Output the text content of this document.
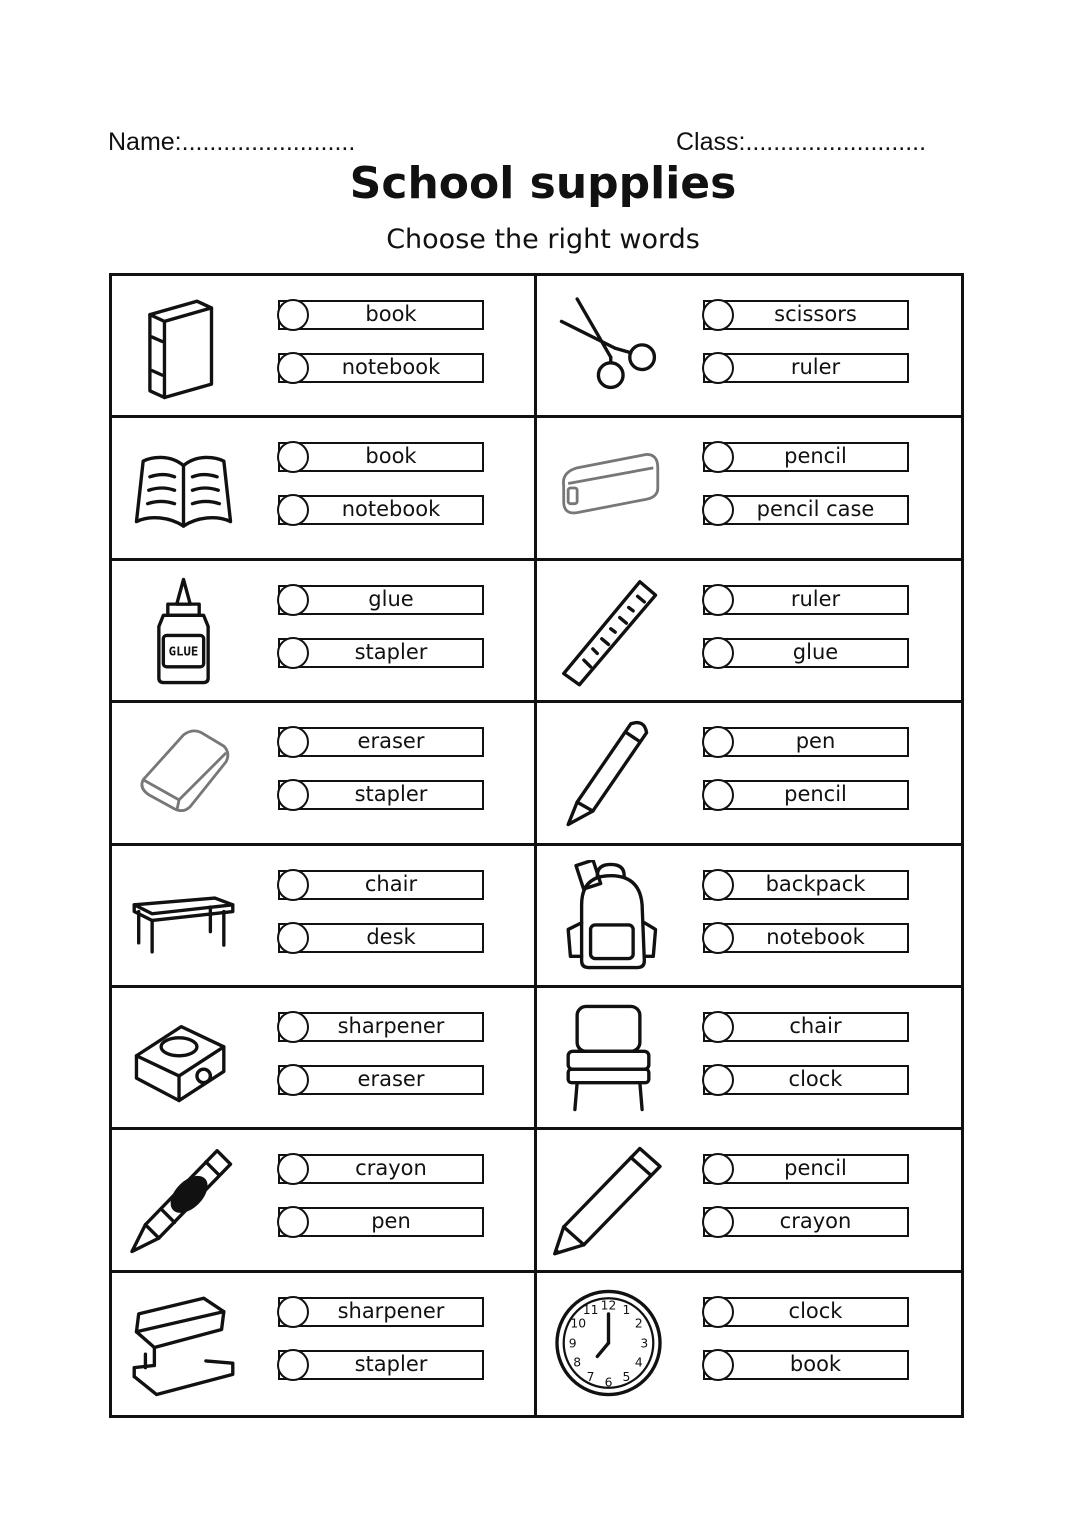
Name:.........................	Class:..........................
School supplies
Choose the right words
book
notebook
scissors
ruler
book
notebook
pencil
pencil case
GLUE
glue
stapler
ruler
glue
eraser
stapler
pen
pencil
chair
desk
backpack
notebook
sharpener
eraser
chair
clock
crayon
pen
pencil
crayon
sharpener
stapler
12 1
2
3
4
5
6
7
8
9
10
11	clock
book
